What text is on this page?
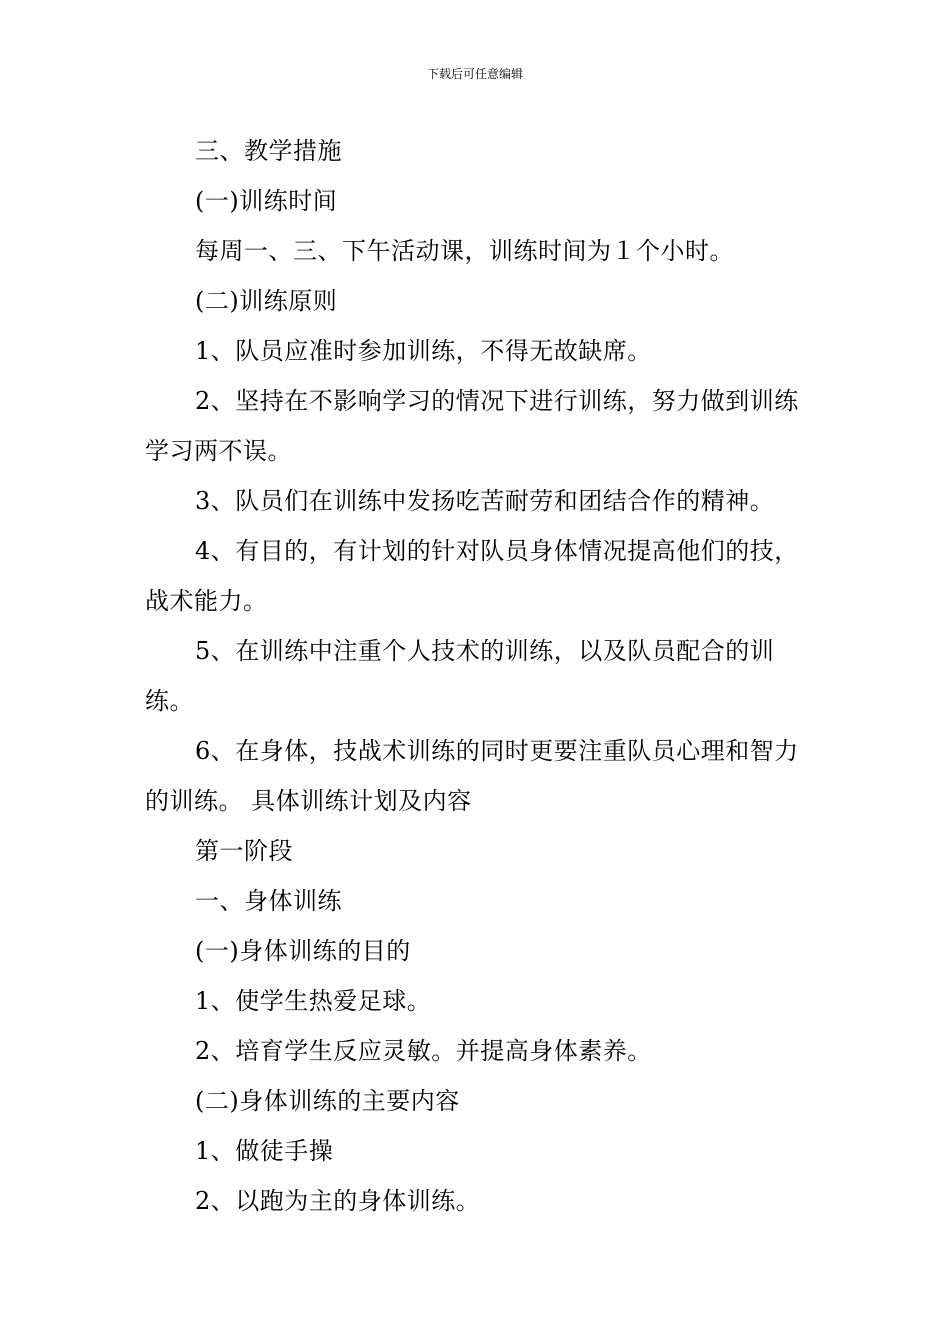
下载后可任意编辑

三、教学措施

(一)训练时间

每周一、三、下午活动课，训练时间为１个小时。

(二)训练原则

1、队员应准时参加训练，不得无故缺席。

2、坚持在不影响学习的情况下进行训练，努力做到训练学习两不误。

3、队员们在训练中发扬吃苦耐劳和团结合作的精神。

4、有目的，有计划的针对队员身体情况提高他们的技，战术能力。

5、在训练中注重个人技术的训练，以及队员配合的训练。

6、在身体，技战术训练的同时更要注重队员心理和智力的训练。 具体训练计划及内容

第一阶段

一、身体训练

(一)身体训练的目的

1、使学生热爱足球。

2、培育学生反应灵敏。并提高身体素养。

(二)身体训练的主要内容

1、做徒手操

2、以跑为主的身体训练。
